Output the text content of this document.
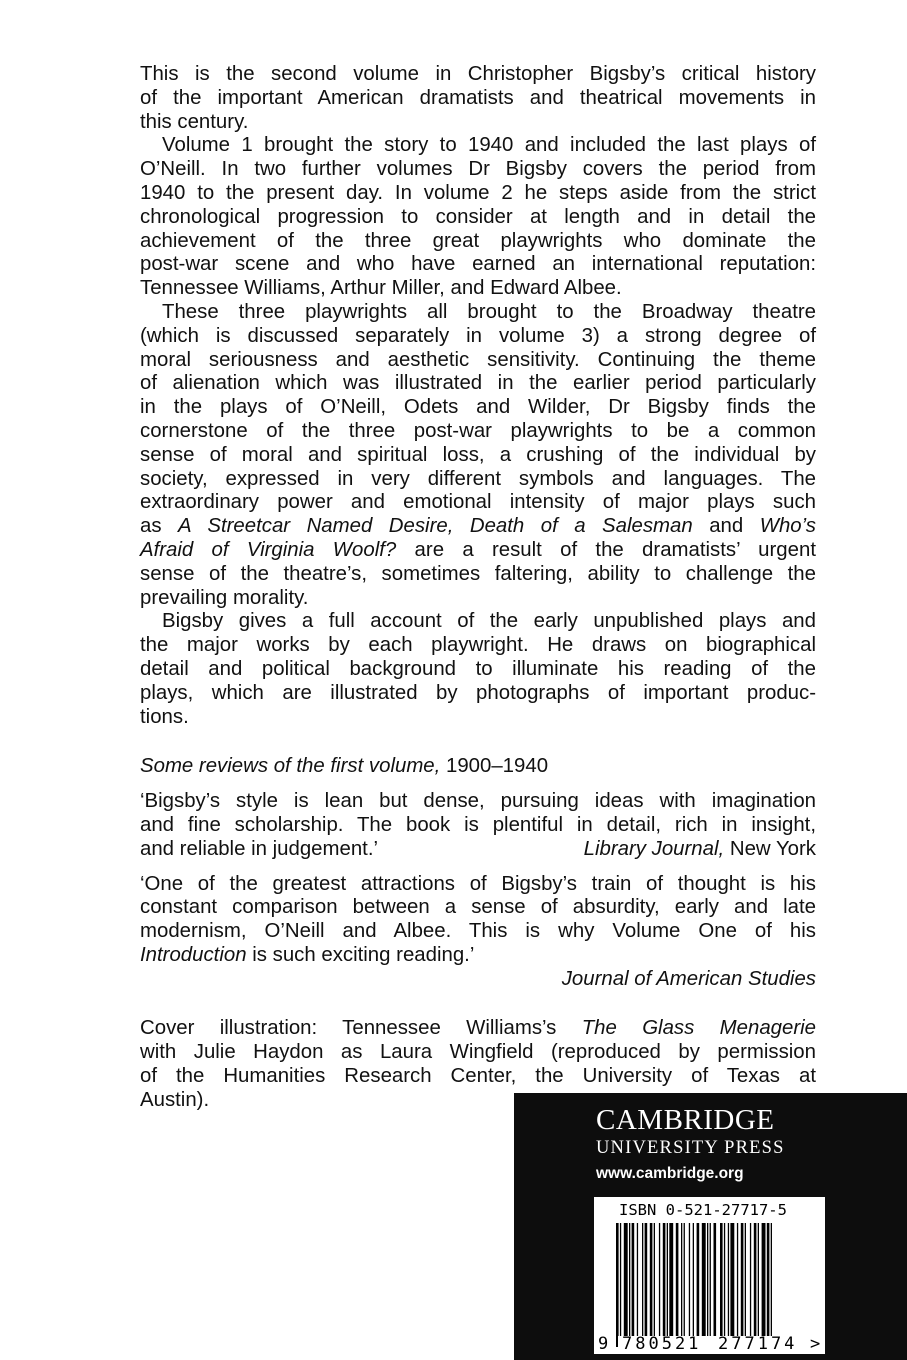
This is the second volume in Christopher Bigsby’s critical history
of the important American dramatists and theatrical movements in
this century.

Volume 1 brought the story to 1940 and included the last plays of
O’Neill. In two further volumes Dr Bigsby covers the period from
1940 to the present day. In volume 2 he steps aside from the strict
chronological progression to consider at length and in detail the
achievement of the three great playwrights who dominate the
post-war scene and who have earned an international reputation:
Tennessee Williams, Arthur Miller, and Edward Albee.

These three playwrights all brought to the Broadway theatre
(which is discussed separately in volume 3) a strong degree of
moral seriousness and aesthetic sensitivity. Continuing the theme
of alienation which was illustrated in the earlier period particularly
in the plays of O’Neill, Odets and Wilder, Dr Bigsby finds the
cornerstone of the three post-war playwrights to be a common
sense of moral and spiritual loss, a crushing of the individual by
society, expressed in very different symbols and languages. The
extraordinary power and emotional intensity of major plays such
as A Streetcar Named Desire, Death of a Salesman and Who’s
Afraid of Virginia Woolf? are a result of the dramatists’ urgent
sense of the theatre’s, sometimes faltering, ability to challenge the
prevailing morality.

Bigsby gives a full account of the early unpublished plays and
the major works by each playwright. He draws on biographical
detail and political background to illuminate his reading of the
plays, which are illustrated by photographs of important produc-
tions.

Some reviews of the first volume, 1900–1940

‘Bigsby’s style is lean but dense, pursuing ideas with imagination
and fine scholarship. The book is plentiful in detail, rich in insight,
and reliable in judgement.’	Library Journal, New York

‘One of the greatest attractions of Bigsby’s train of thought is his
constant comparison between a sense of absurdity, early and late
modernism, O’Neill and Albee. This is why Volume One of his
Introduction is such exciting reading.’
Journal of American Studies

Cover illustration: Tennessee Williams’s The Glass Menagerie
with Julie Haydon as Laura Wingfield (reproduced by permission
of the Humanities Research Center, the University of Texas at
Austin).

CAMBRIDGE
UNIVERSITY PRESS
www.cambridge.org
ISBN 0-521-27717-5
9 780521 277174 >
